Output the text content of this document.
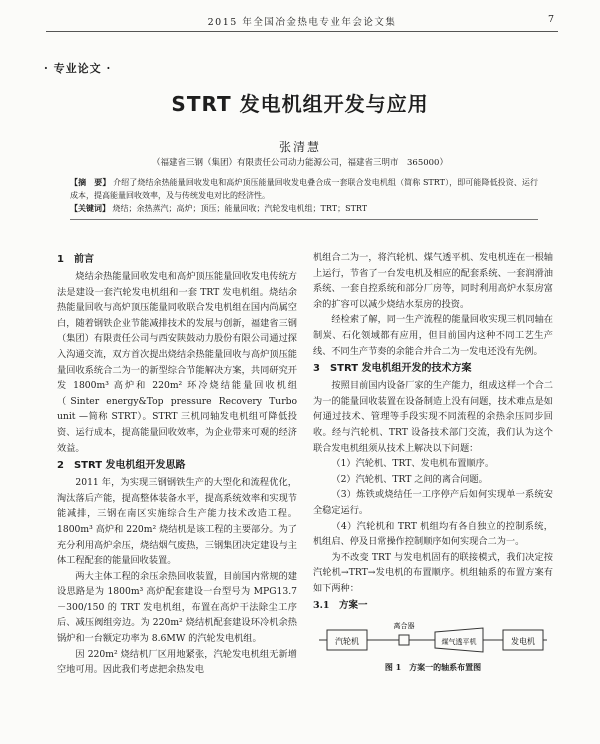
2015 年全国冶金热电专业年会论文集	7
· 专业论文 ·
STRT 发电机组开发与应用
张清慧
（福建省三钢（集团）有限责任公司动力能源公司，福建省三明市　365000）
【摘　要】 介绍了烧结余热能量回收发电和高炉顶压能量回收发电叠合成一套联合发电机组（简称 STRT），即可能降低投资、运行成本，提高能量回收效率，及与传统发电对比的经济性。
【关键词】 烧结；余热蒸汽；高炉；顶压；能量回收；汽轮发电机组；TRT；STRT
1　前言

烧结余热能量回收发电和高炉顶压能量回收发电传统方法是建设一套汽轮发电机组和一套 TRT 发电机组。烧结余热能量回收与高炉顶压能量同收联合发电机组在国内尚属空白，随着钢铁企业节能减排技术的发展与创新，福建省三钢（集团）有限责任公司与西安陕鼓动力股份有限公司通过探入沟通交流，双方首次提出烧结余热能量回收与高炉顶压能量回收系统合二为一的新型综合节能解决方案，共同研究开发 1800m³ 高炉和 220m² 环冷烧结能量回收机组（Sinter energy&Top pressure Recovery Turbo unit —简称 STRT）。STRT 三机同轴发电机组可降低投资、运行成本，提高能量回收效率，为企业带来可观的经济效益。

2　STRT 发电机组开发思路

2011 年，为实现三钢钢铁生产的大型化和流程优化，淘汰落后产能，提高整体装备水平，提高系统效率和实现节能减排，三钢在南区实施综合生产能力技术改造工程。1800m³ 高炉和 220m² 烧结机是该工程的主要部分。为了充分利用高炉余压，烧结烟气废热，三钢集团决定建设与主体工程配套的能量回收装置。

两大主体工程的余压余热回收装置，目前国内常规的建设思路是为 1800m³ 高炉配套建设一台型号为 MPG13.7－300/150 的 TRT 发电机组，布置在高炉干法除尘工序后、减压阀组旁边。为 220m² 烧结机配套建设环冷机余热锅炉和一台额定功率为 8.6MW 的汽轮发电机组。

因 220m² 烧结机厂区用地紧张，汽轮发电机组无新增空地可用。因此我们考虑把余热发电

机组合二为一，将汽轮机、煤气透平机、发电机连在一根轴上运行，节省了一台发电机及相应的配套系统、一套润滑油系统、一套自控系统和部分厂房等，同时利用高炉水泵房富余的扩容可以减少烧结水泵房的投资。

经检索了解，同一生产流程的能量回收实现三机同轴在制炭、石化领域都有应用，但目前国内这种不同工艺生产线、不同生产节奏的余能合并合二为一发电还没有先例。

3　STRT 发电机组开发的技术方案

按照目前国内设备厂家的生产能力，组成这样一个合二为一的能量回收装置在设备制造上没有问题，技术难点是如何通过技术、管理等手段实现不同流程的余热余压同步回收。经与汽轮机、TRT 设备技术部门交流，我们认为这个联合发电机组须从技术上解决以下问题：

（1）汽轮机、TRT、发电机布置顺序。

（2）汽轮机、TRT 之间的离合问题。

（3）炼铁或烧结任一工序停产后如何实现单一系统安全稳定运行。

（4）汽轮机和 TRT 机组均有各自独立的控制系统，机组启、停及日常操作控制顺序如何实现合二为一。

为不改变 TRT 与发电机固有的联接模式，我们决定按汽轮机→TRT→发电机的布置顺序。机组轴系的布置方案有如下两种：

3.1　方案一
汽轮机
离合器
煤气透平机	发电机
图 1　方案一的轴系布置图
